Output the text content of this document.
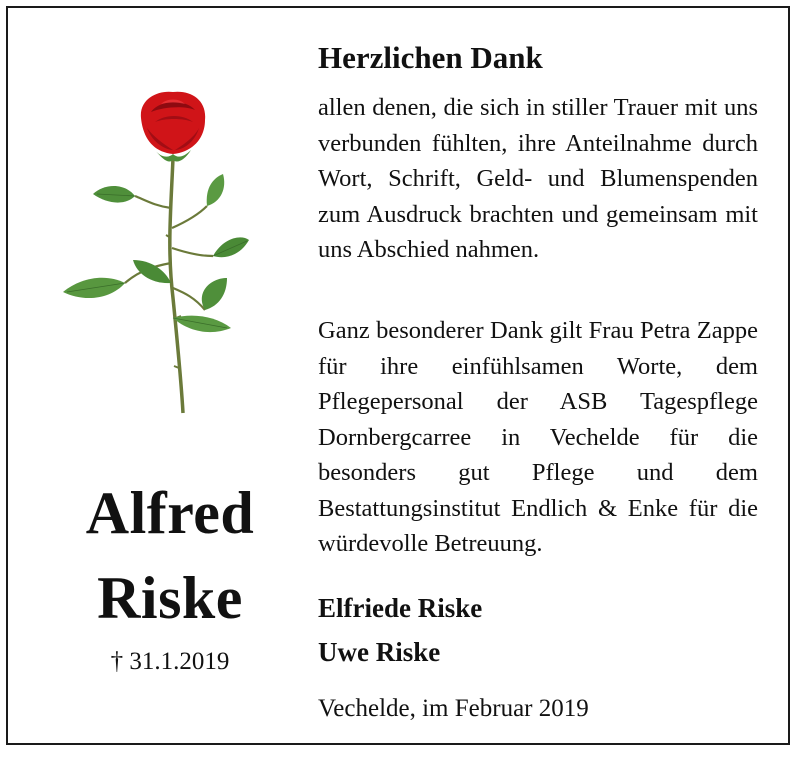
Alfred
Riske
† 31.1.2019
Herzlichen Dank
allen denen, die sich in stiller Trauer mit uns verbunden fühlten, ihre Anteilnahme durch Wort, Schrift, Geld- und Blumenspenden zum Ausdruck brachten und gemeinsam mit uns Abschied nahmen.
Ganz besonderer Dank gilt Frau Petra Zappe für ihre einfühlsamen Worte, dem Pflegepersonal der ASB Tagespflege Dornbergcarree in Vechelde für die besonders gut Pflege und dem Bestattungsinstitut Endlich & Enke für die würdevolle Betreuung.
Elfriede Riske
Uwe Riske
Vechelde, im Februar 2019
